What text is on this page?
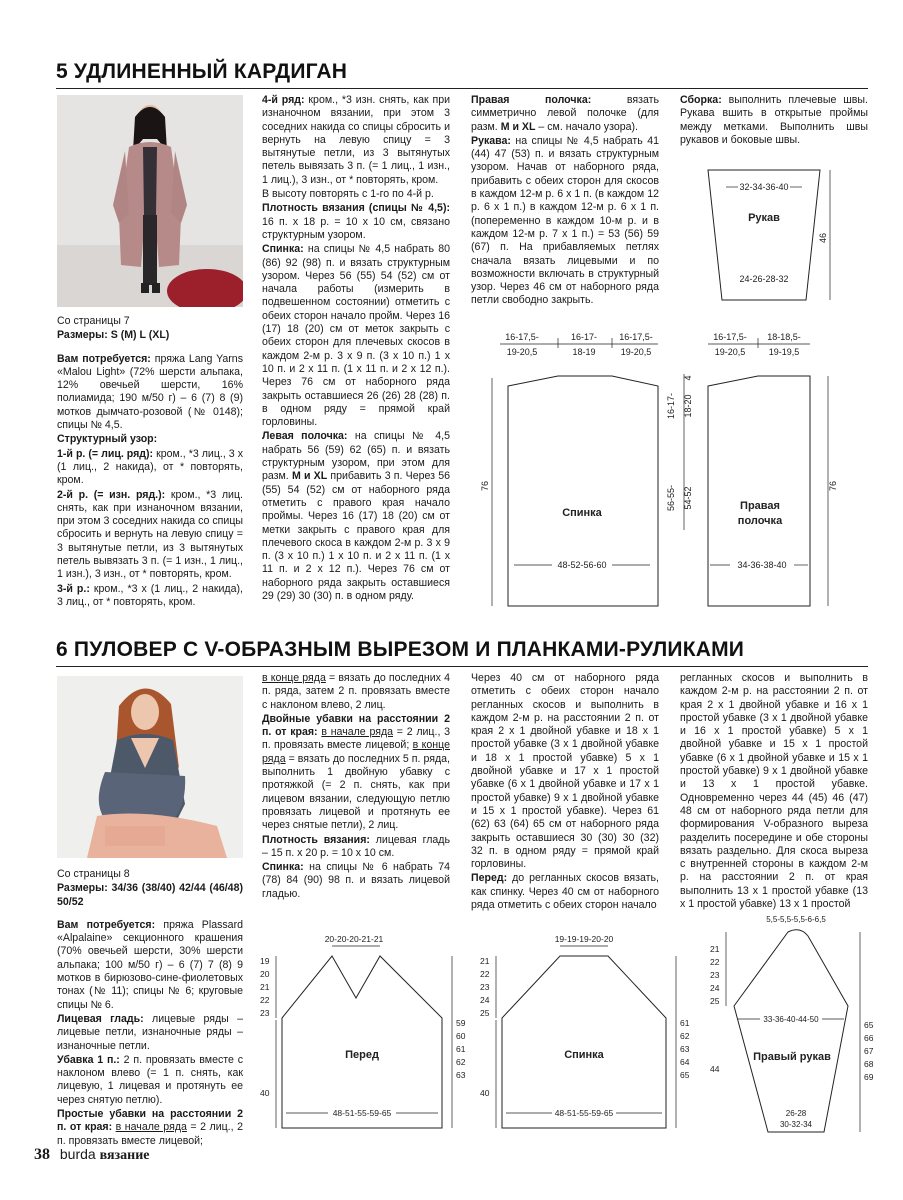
5 УДЛИНЕННЫЙ КАРДИГАН

Со страницы 7

Размеры: S (M) L (XL)

Вам потребуется: пряжа Lang Yarns «Malou Light» (72% шерсти альпака, 12% овечьей шерсти, 16% полиамида; 190 м/50 г) – 6 (7) 8 (9) мотков дымчато-розовой (№ 0148); спицы № 4,5.

Структурный узор:

1-й р. (= лиц. ряд): кром., *3 лиц., 3 х (1 лиц., 2 накида), от * повторять, кром.

2-й р. (= изн. ряд.): кром., *3 лиц. снять, как при изнаночном вязании, при этом 3 соседних накида со спицы сбросить и вернуть на левую спицу = 3 вытянутые петли, из 3 вытянутых петель вывязать 3 п. (= 1 изн., 1 лиц., 1 изн.), 3 изн., от * повторять, кром.

3-й р.: кром., *3 х (1 лиц., 2 накида), 3 лиц., от * повторять, кром.

4-й ряд: кром., *3 изн. снять, как при изнаночном вязании, при этом 3 соседних накида со спицы сбросить и вернуть на левую спицу = 3 вытянутые петли, из 3 вытянутых петель вывязать 3 п. (= 1 лиц., 1 изн., 1 лиц.), 3 изн., от * повторять, кром.

В высоту повторять с 1-го по 4-й р.

Плотность вязания (спицы № 4,5): 16 п. х 18 р. = 10 х 10 см, связано структурным узором.

Спинка: на спицы № 4,5 набрать 80 (86) 92 (98) п. и вязать структурным узором. Через 56 (55) 54 (52) см от начала работы (измерить в подвешенном состоянии) отметить с обеих сторон начало пройм. Через 16 (17) 18 (20) см от меток закрыть с обеих сторон для плечевых скосов в каждом 2-м р. 3 х 9 п. (3 х 10 п.) 1 х 10 п. и 2 х 11 п. (1 х 11 п. и 2 х 12 п.). Через 76 см от наборного ряда закрыть оставшиеся 26 (26) 28 (28) п. в одном ряду = прямой край горловины.

Левая полочка: на спицы № 4,5 набрать 56 (59) 62 (65) п. и вязать структурным узором, при этом для разм. M и XL прибавить 3 п. Через 56 (55) 54 (52) см от наборного ряда отметить с правого края начало проймы. Через 16 (17) 18 (20) см от метки закрыть с правого края для плечевого скоса в каждом 2-м р. 3 х 9 п. (3 х 10 п.) 1 х 10 п. и 2 х 11 п. (1 х 11 п. и 2 х 12 п.). Через 76 см от наборного ряда закрыть оставшиеся 29 (29) 30 (30) п. в одном ряду.

Правая полочка:	вязать симметрично левой полочке (для разм. M и XL – см. начало узора).

Рукава: на спицы № 4,5 набрать 41 (44) 47 (53) п. и вязать структурным узором. Начав от наборного ряда, прибавить с обеих сторон для скосов в каждом 12-м р. 6 х 1 п. (в каждом 12 р. 6 х 1 п.) в каждом 12-м р. 6 х 1 п. (попеременно в каждом 10-м р. и в каждом 12-м р. 7 х 1 п.) = 53 (56) 59 (67) п. На прибавляемых петлях сначала вязать лицевыми и по возможности включать в структурный узор. Через 46 см от наборного ряда петли свободно закрыть.

Сборка: выполнить плечевые швы. Рукава вшить в открытые проймы между метками. Выполнить швы рукавов и боковые швы.

32-34-36-40
Рукав
24-26-28-32
46
16-17,5-
19-20,5
16-17-
18-19
16-17,5-
19-20,5
76
Спинка
48-52-56-60
16-17- 18-20
4
56-55- 54-52
16-17,5-
19-20,5
18-18,5-
19-19,5
76
Правая
полочка
34-36-38-40
6 ПУЛОВЕР С V-ОБРАЗНЫМ ВЫРЕЗОМ И ПЛАНКАМИ-РУЛИКАМИ

Со страницы 8

Размеры: 34/36 (38/40) 42/44 (46/48) 50/52

Вам потребуется: пряжа Plassard «Alpalaine» секционного крашения (70% овечьей шерсти, 30% шерсти альпака; 100 м/50 г) – 6 (7) 7 (8) 9 мотков в бирюзово-сине-фиолетовых тонах (№ 11); спицы № 6; круговые спицы № 6.

Лицевая гладь: лицевые ряды – лицевые петли, изнаночные ряды – изнаночные петли.

Убавка 1 п.: 2 п. провязать вместе с наклоном влево (= 1 п. снять, как лицевую, 1 лицевая и протянуть ее через снятую петлю).

Простые убавки на расстоянии 2 п. от края: в начале ряда = 2 лиц., 2 п. провязать вместе лицевой;

в конце ряда = вязать до последних 4 п. ряда, затем 2 п. провязать вместе с наклоном влево, 2 лиц.

Двойные убавки на расстоянии 2 п. от края: в начале ряда = 2 лиц., 3 п. провязать вместе лицевой; в конце ряда = вязать до последних 5 п. ряда, выполнить 1 двойную убавку с протяжкой (= 2 п. снять, как при лицевом вязании, следующую петлю провязать лицевой и протянуть ее через снятые петли), 2 лиц.

Плотность вязания: лицевая гладь – 15 п. х 20 р. = 10 х 10 см.

Спинка: на спицы № 6 набрать 74 (78) 84 (90) 98 п. и вязать лицевой гладью.

Через 40 см от наборного ряда отметить с обеих сторон начало регланных скосов и выполнить в каждом 2-м р. на расстоянии 2 п. от края 2 х 1 двойной убавке и 18 х 1 простой убавке (3 х 1 двойной убавке и 18 х 1 простой убавке) 5 х 1 двойной убавке и 17 х 1 простой убавке (6 х 1 двойной убавке и 17 х 1 простой убавке) 9 х 1 двойной убавке и 15 х 1 простой убавке). Через 61 (62) 63 (64) 65 см от наборного ряда закрыть оставшиеся 30 (30) 30 (32) 32 п. в одном ряду = прямой край горловины.

Перед: до регланных скосов вязать, как спинку. Через 40 см от наборного ряда отметить с обеих сторон начало

регланных скосов и выполнить в каждом 2-м р. на расстоянии 2 п. от края 2 х 1 двойной убавке и 16 х 1 простой убавке (3 х 1 двойной убавке и 16 х 1 простой убавке) 5 х 1 двойной убавке и 15 х 1 простой убавке (6 х 1 двойной убавке и 15 х 1 простой убавке) 9 х 1 двойной убавке и 13 х 1 простой убавке. Одновременно через 44 (45) 46 (47) 48 см от наборного ряда петли для формирования V-образного выреза разделить посередине и обе стороны вязать раздельно. Для скоса выреза с внутренней стороны в каждом 2-м р. на расстоянии 2 п. от края выполнить 13 х 1 простой убавке (13 х 1 простой убавке) 13 х 1 простой

20-20-20-21-21
19
20
21
22
23
40
59
60
61
62
63
Перед
48-51-55-59-65
19-19-19-20-20
21
22
23
24
25
40
61
62
63
64
65
Спинка
48-51-55-59-65
5,5-5,5-5,5-6-6,5
21
22
23
24
25
33-36-40-44-50
44
Правый рукав
26-28
30-32-34
65
66
67
68
69
38 burda вязание
